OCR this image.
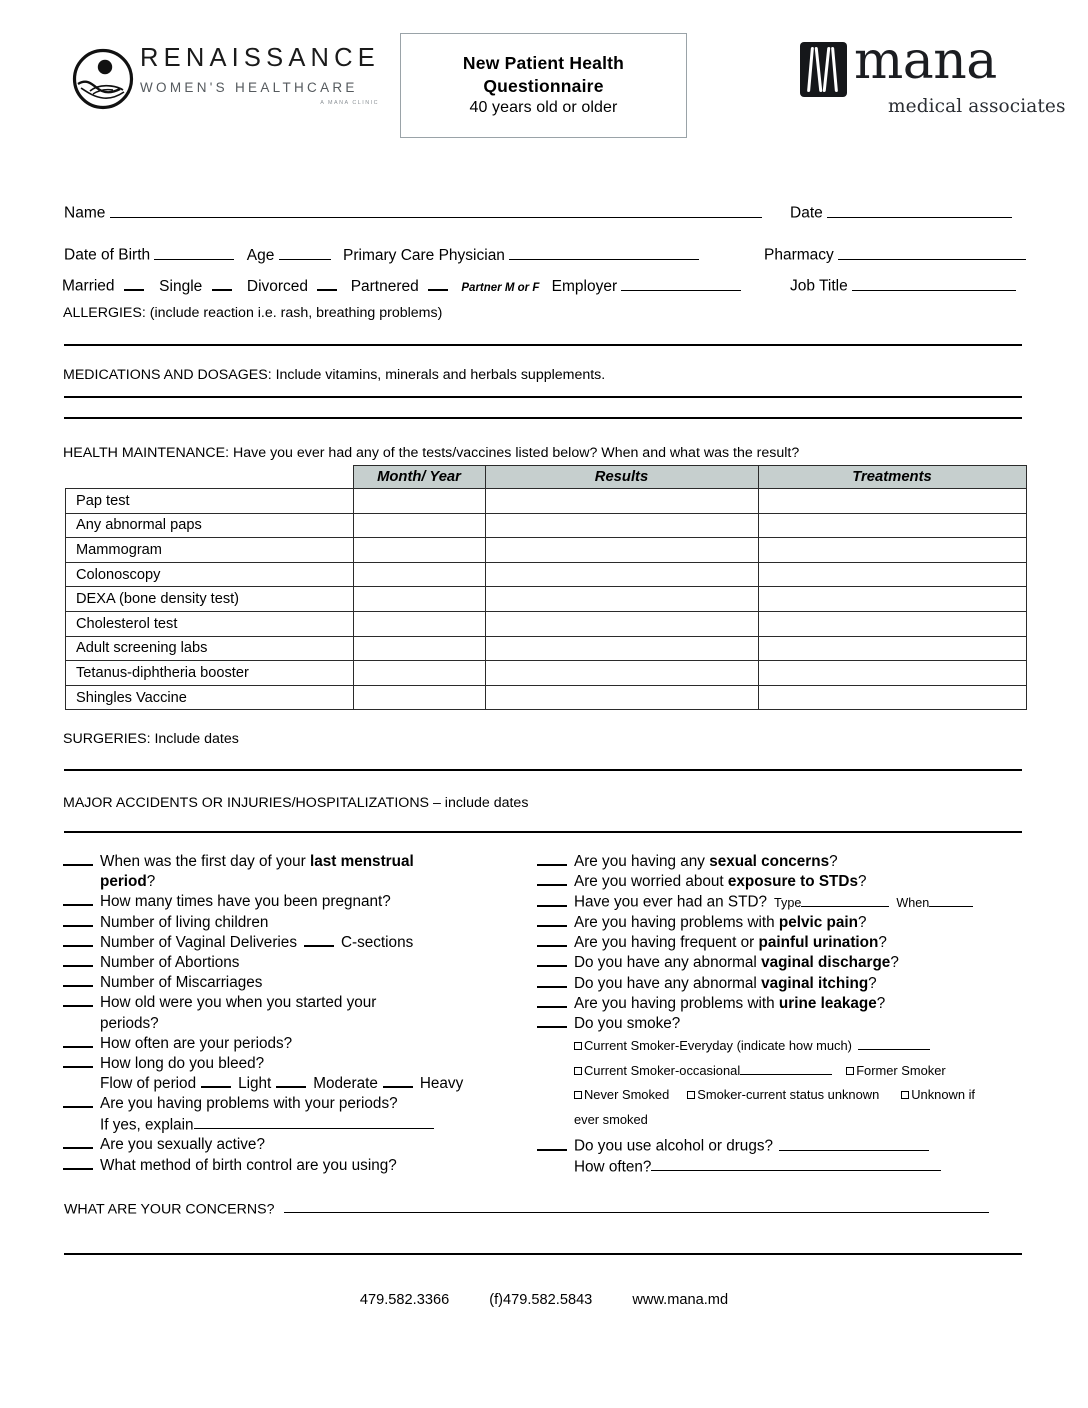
RENAISSANCE
WOMEN'S HEALTHCARE
A MANA CLINIC
New Patient Health
Questionnaire
40 years old or older
mana
medical associates
Name	Date
Date of Birth	Age	Primary Care Physician	Pharmacy
Married	Single	Divorced	Partnered	Partner M or F Employer	Job Title
ALLERGIES: (include reaction i.e. rash, breathing problems)
MEDICATIONS AND DOSAGES: Include vitamins, minerals and herbals supplements.
HEALTH MAINTENANCE: Have you ever had any of the tests/vaccines listed below? When and what was the result?
	Month/ Year	Results	Treatments
Pap test			
Any abnormal paps			
Mammogram			
Colonoscopy			
DEXA (bone density test)			
Cholesterol test			
Adult screening labs			
Tetanus-diphtheria booster			
Shingles Vaccine			
SURGERIES: Include dates
MAJOR ACCIDENTS OR INJURIES/HOSPITALIZATIONS – include dates
When was the first day of your last menstrual
period?
How many times have you been pregnant?
Number of living children
Number of Vaginal Deliveries	C-sections
Number of Abortions
Number of Miscarriages
How old were you when you started your
periods?
How often are your periods?
How long do you bleed?
Flow of period	Light	Moderate	Heavy
Are you having problems with your periods?
If yes, explain
Are you sexually active?
What method of birth control are you using?
Are you having any sexual concerns?
Are you worried about exposure to STDs?
Have you ever had an STD? Type	When
Are you having problems with pelvic pain?
Are you having frequent or painful urination?
Do you have any abnormal vaginal discharge?
Do you have any abnormal vaginal itching?
Are you having problems with urine leakage?
Do you smoke?
Current Smoker-Everyday (indicate how much)
Current Smoker-occasional	Former Smoker
Never Smoked Smoker-current status unknown Unknown if
ever smoked
Do you use alcohol or drugs?
How often?
WHAT ARE YOUR CONCERNS?
479.582.3366	(f)479.582.5843	www.mana.md
